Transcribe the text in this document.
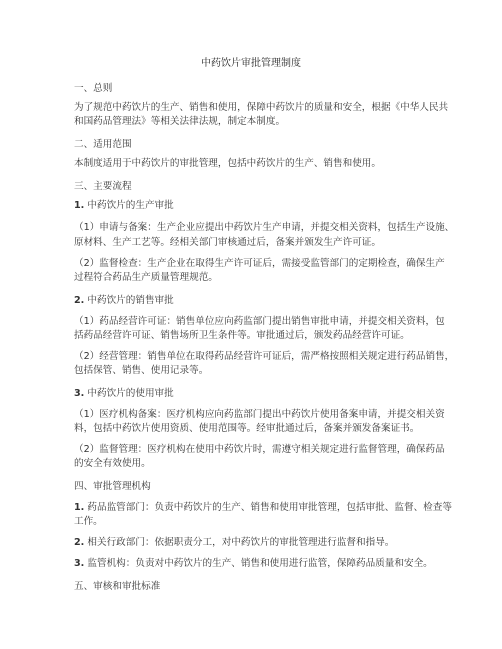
中药饮片审批管理制度
一、总则
为了规范中药饮片的生产、销售和使用，保障中药饮片的质量和安全，根据《中华人民共
和国药品管理法》等相关法律法规，制定本制度。
二、适用范围
本制度适用于中药饮片的审批管理，包括中药饮片的生产、销售和使用。
三、主要流程
1. 中药饮片的生产审批
（1）申请与备案：生产企业应提出中药饮片生产申请，并提交相关资料，包括生产设施、
原材料、生产工艺等。经相关部门审核通过后，备案并颁发生产许可证。
（2）监督检查：生产企业在取得生产许可证后，需接受监管部门的定期检查，确保生产
过程符合药品生产质量管理规范。
2. 中药饮片的销售审批
（1）药品经营许可证：销售单位应向药监部门提出销售审批申请，并提交相关资料，包
括药品经营许可证、销售场所卫生条件等。审批通过后，颁发药品经营许可证。
（2）经营管理：销售单位在取得药品经营许可证后，需严格按照相关规定进行药品销售，
包括保管、销售、使用记录等。
3. 中药饮片的使用审批
（1）医疗机构备案：医疗机构应向药监部门提出中药饮片使用备案申请，并提交相关资
料，包括中药饮片使用资质、使用范围等。经审批通过后，备案并颁发备案证书。
（2）监督管理：医疗机构在使用中药饮片时，需遵守相关规定进行监督管理，确保药品
的安全有效使用。
四、审批管理机构
1. 药品监管部门：负责中药饮片的生产、销售和使用审批管理，包括审批、监督、检查等
工作。
2. 相关行政部门：依据职责分工，对中药饮片的审批管理进行监督和指导。
3. 监管机构：负责对中药饮片的生产、销售和使用进行监管，保障药品质量和安全。
五、审核和审批标准
